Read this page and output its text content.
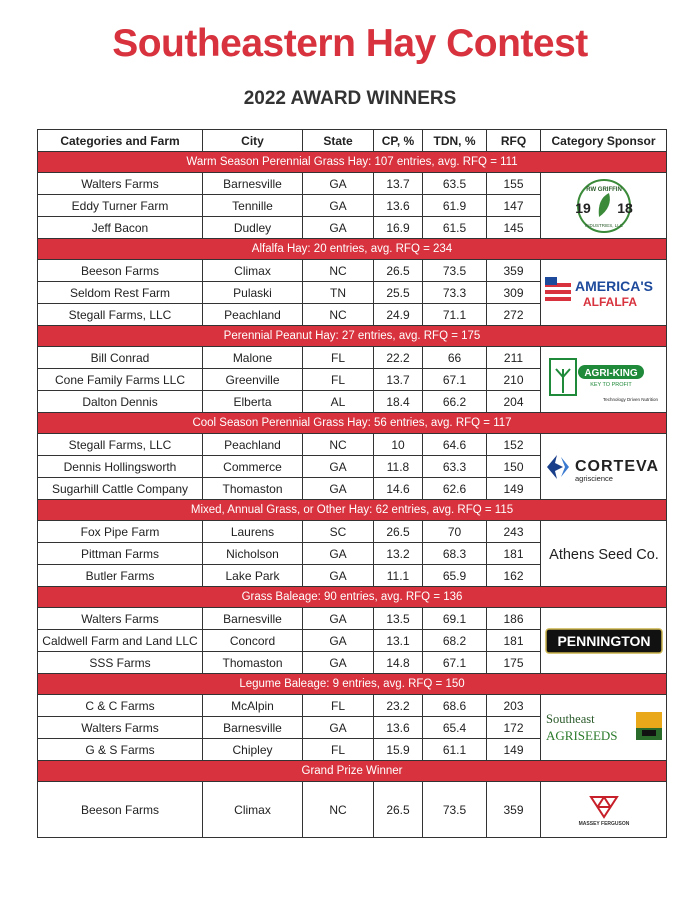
Southeastern Hay Contest
2022 AWARD WINNERS
Categories and Farm	City	State	CP, %	TDN, %	RFQ	Category Sponsor
Warm Season Perennial Grass Hay: 107 entries, avg. RFQ = 111						
Walters Farms	Barnesville	GA	13.7	63.5	155	RW GRIFFIN
19 18
INDUSTRIES, LLC

Eddy Turner Farm	Tennille	GA	13.6	61.9	147	
Jeff Bacon	Dudley	GA	16.9	61.5	145	
Alfalfa Hay: 20 entries, avg. RFQ = 234						
Beeson Farms	Climax	NC	26.5	73.5	359	AMERICA'S
ALFALFA

Seldom Rest Farm	Pulaski	TN	25.5	73.3	309	
Stegall Farms, LLC	Peachland	NC	24.9	71.1	272	
Perennial Peanut Hay: 27 entries, avg. RFQ = 175						
Bill Conrad	Malone	FL	22.2	66	211	AGRI-KING
KEY TO PROFIT
Technology Driven Nutrition

Cone Family Farms LLC	Greenville	FL	13.7	67.1	210	
Dalton Dennis	Elberta	AL	18.4	66.2	204	
Cool Season Perennial Grass Hay: 56 entries, avg. RFQ = 117						
Stegall Farms, LLC	Peachland	NC	10	64.6	152	CORTEVA
agriscience

Dennis Hollingsworth	Commerce	GA	11.8	63.3	150	
Sugarhill Cattle Company	Thomaston	GA	14.6	62.6	149	
Mixed, Annual Grass, or Other Hay: 62 entries, avg. RFQ = 115						
Fox Pipe Farm	Laurens	SC	26.5	70	243	Athens Seed Co.

Pittman Farms	Nicholson	GA	13.2	68.3	181	
Butler Farms	Lake Park	GA	11.1	65.9	162	
Grass Baleage: 90 entries, avg. RFQ = 136						
Walters Farms	Barnesville	GA	13.5	69.1	186	PENNINGTON

Caldwell Farm and Land LLC	Concord	GA	13.1	68.2	181	
SSS Farms	Thomaston	GA	14.8	67.1	175	
Legume Baleage: 9 entries, avg. RFQ = 150						
C & C Farms	McAlpin	FL	23.2	68.6	203	Southeast
AGRISEEDS

Walters Farms	Barnesville	GA	13.6	65.4	172	
G & S Farms	Chipley	FL	15.9	61.1	149	
Grand Prize Winner						
Beeson Farms	Climax	NC	26.5	73.5	359	MASSEY FERGUSON
